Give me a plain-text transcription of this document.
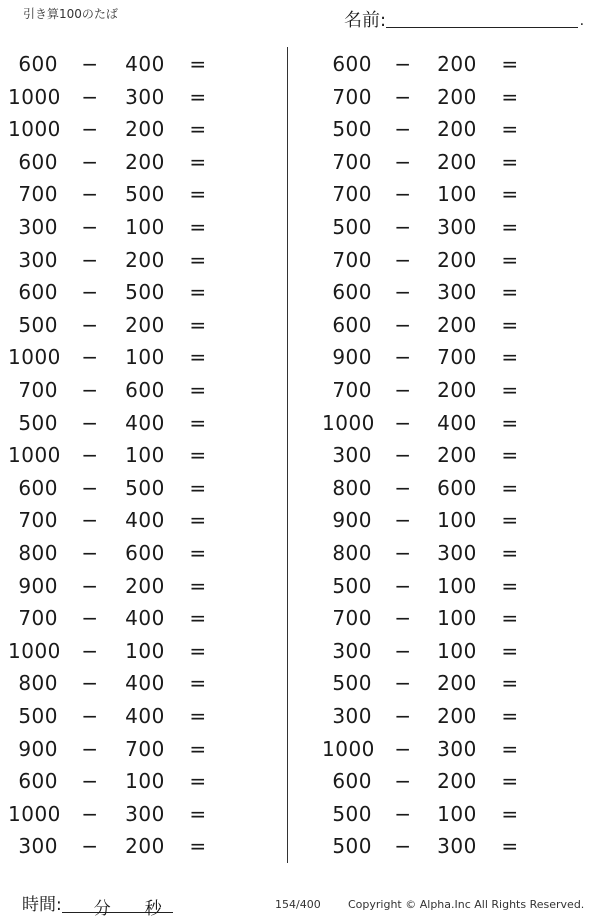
引き算100のたば	名前:	.
600 − 400 =
1000 − 300 =
1000 − 200 =
600 − 200 =
700 − 500 =
300 − 100 =
300 − 200 =
600 − 500 =
500 − 200 =
1000 − 100 =
700 − 600 =
500 − 400 =
1000 − 100 =
600 − 500 =
700 − 400 =
800 − 600 =
900 − 200 =
700 − 400 =
1000 − 100 =
800 − 400 =
500 − 400 =
900 − 700 =
600 − 100 =
1000 − 300 =
300 − 200 =
600 − 200 =
700 − 200 =
500 − 200 =
700 − 200 =
700 − 100 =
500 − 300 =
700 − 200 =
600 − 300 =
600 − 200 =
900 − 700 =
700 − 200 =
1000 − 400 =
300 − 200 =
800 − 600 =
900 − 100 =
800 − 300 =
500 − 100 =
700 − 100 =
300 − 100 =
500 − 200 =
300 − 200 =
1000 − 300 =
600 − 200 =
500 − 100 =
500 − 300 =
時間: 分 秒	154/400 Copyright © Alpha.Inc All Rights Reserved.
